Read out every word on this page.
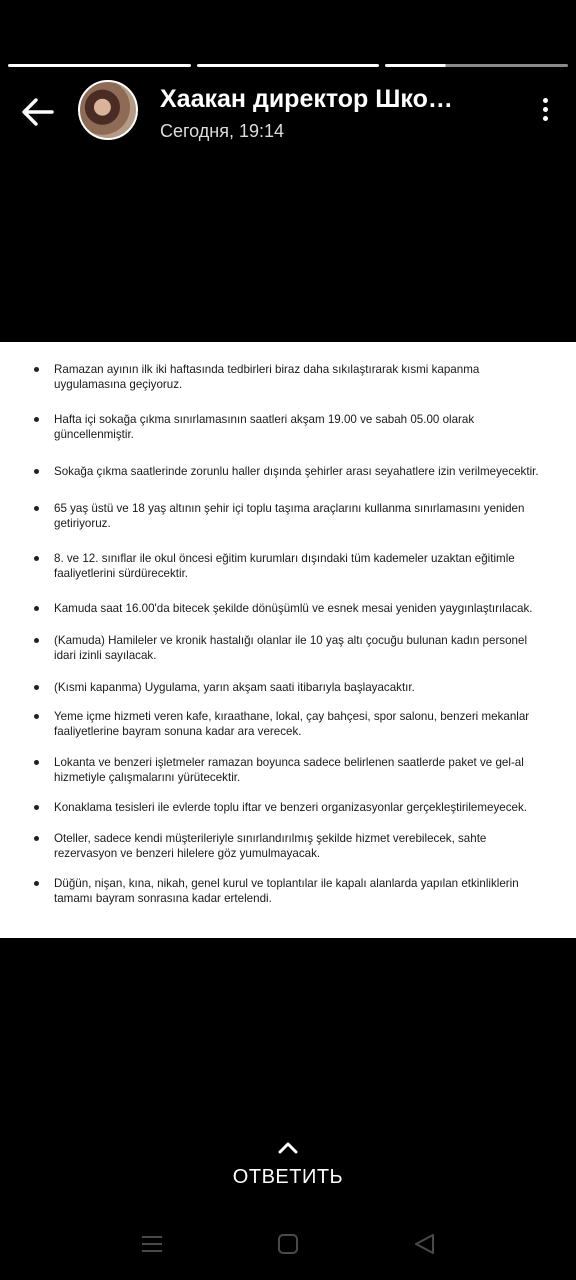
Хаакан директор Шко…
Сегодня, 19:14
Ramazan ayının ilk iki haftasında tedbirleri biraz daha sıkılaştırarak kısmi kapanma uygulamasına geçiyoruz.
Hafta içi sokağa çıkma sınırlamasının saatleri akşam 19.00 ve sabah 05.00 olarak güncellenmiştir.
Sokağa çıkma saatlerinde zorunlu haller dışında şehirler arası seyahatlere izin verilmeyecektir.
65 yaş üstü ve 18 yaş altının şehir içi toplu taşıma araçlarını kullanma sınırlamasını yeniden getiriyoruz.
8. ve 12. sınıflar ile okul öncesi eğitim kurumları dışındaki tüm kademeler uzaktan eğitimle faaliyetlerini sürdürecektir.
Kamuda saat 16.00'da bitecek şekilde dönüşümlü ve esnek mesai yeniden yaygınlaştırılacak.
(Kamuda) Hamileler ve kronik hastalığı olanlar ile 10 yaş altı çocuğu bulunan kadın personel idari izinli sayılacak.
(Kısmi kapanma) Uygulama, yarın akşam saati itibarıyla başlayacaktır.
Yeme içme hizmeti veren kafe, kıraathane, lokal, çay bahçesi, spor salonu, benzeri mekanlar faaliyetlerine bayram sonuna kadar ara verecek.
Lokanta ve benzeri işletmeler ramazan boyunca sadece belirlenen saatlerde paket ve gel-al hizmetiyle çalışmalarını yürütecektir.
Konaklama tesisleri ile evlerde toplu iftar ve benzeri organizasyonlar gerçekleştirilemeyecek.
Oteller, sadece kendi müşterileriyle sınırlandırılmış şekilde hizmet verebilecek, sahte rezervasyon ve benzeri hilelere göz yumulmayacak.
Düğün, nişan, kına, nikah, genel kurul ve toplantılar ile kapalı alanlarda yapılan etkinliklerin tamamı bayram sonrasına kadar ertelendi.
ОТВЕТИТЬ
